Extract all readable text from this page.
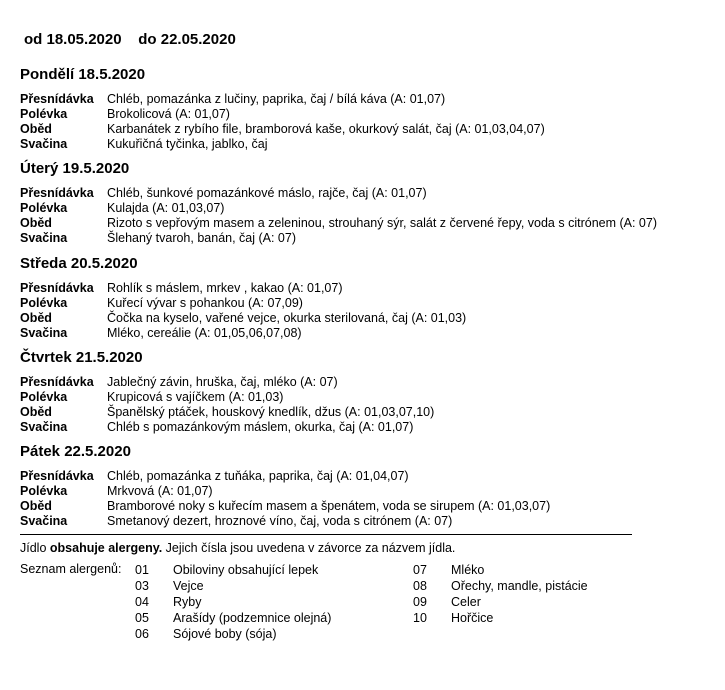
od 18.05.2020    do 22.05.2020
Pondělí 18.5.2020
Přesnídávka Chléb, pomazánka z lučiny, paprika, čaj / bílá káva (A: 01,07)
Polévka	Brokolicová (A: 01,07)
Oběd	Karbanátek z rybího file, bramborová kaše, okurkový salát, čaj (A: 01,03,04,07)
Svačina	Kukuřičná tyčinka, jablko, čaj
Úterý 19.5.2020
Přesnídávka Chléb, šunkové pomazánkové máslo, rajče, čaj (A: 01,07)
Polévka	Kulajda (A: 01,03,07)
Oběd	Rizoto s vepřovým masem a zeleninou, strouhaný sýr, salát z červené řepy, voda s citrónem (A: 07)
Svačina	Šlehaný tvaroh, banán, čaj (A: 07)
Středa 20.5.2020
Přesnídávka Rohlík s máslem, mrkev , kakao (A: 01,07)
Polévka	Kuřecí vývar s pohankou (A: 07,09)
Oběd	Čočka na kyselo, vařené vejce, okurka sterilovaná, čaj (A: 01,03)
Svačina	Mléko, cereálie (A: 01,05,06,07,08)
Čtvrtek 21.5.2020
Přesnídávka Jablečný závin, hruška, čaj, mléko (A: 07)
Polévka	Krupicová s vajíčkem (A: 01,03)
Oběd	Španělský ptáček, houskový knedlík, džus (A: 01,03,07,10)
Svačina	Chléb s pomazánkovým máslem, okurka, čaj (A: 01,07)
Pátek 22.5.2020
Přesnídávka Chléb, pomazánka z tuňáka, paprika, čaj (A: 01,04,07)
Polévka	Mrkvová (A: 01,07)
Oběd	Bramborové noky s kuřecím masem a špenátem, voda se sirupem (A: 01,03,07)
Svačina	Smetanový dezert, hroznové víno, čaj, voda s citrónem (A: 07)
Jídlo obsahuje alergeny. Jejich čísla jsou uvedena v závorce za názvem jídla.
Seznam alergenů: 01 Obiloviny obsahující lepek
03 Vejce
04 Ryby
05 Arašídy (podzemnice olejná)
06 Sójové boby (sója)
07 Mléko
08 Ořechy, mandle, pistácie
09 Celer
10 Hořčice
